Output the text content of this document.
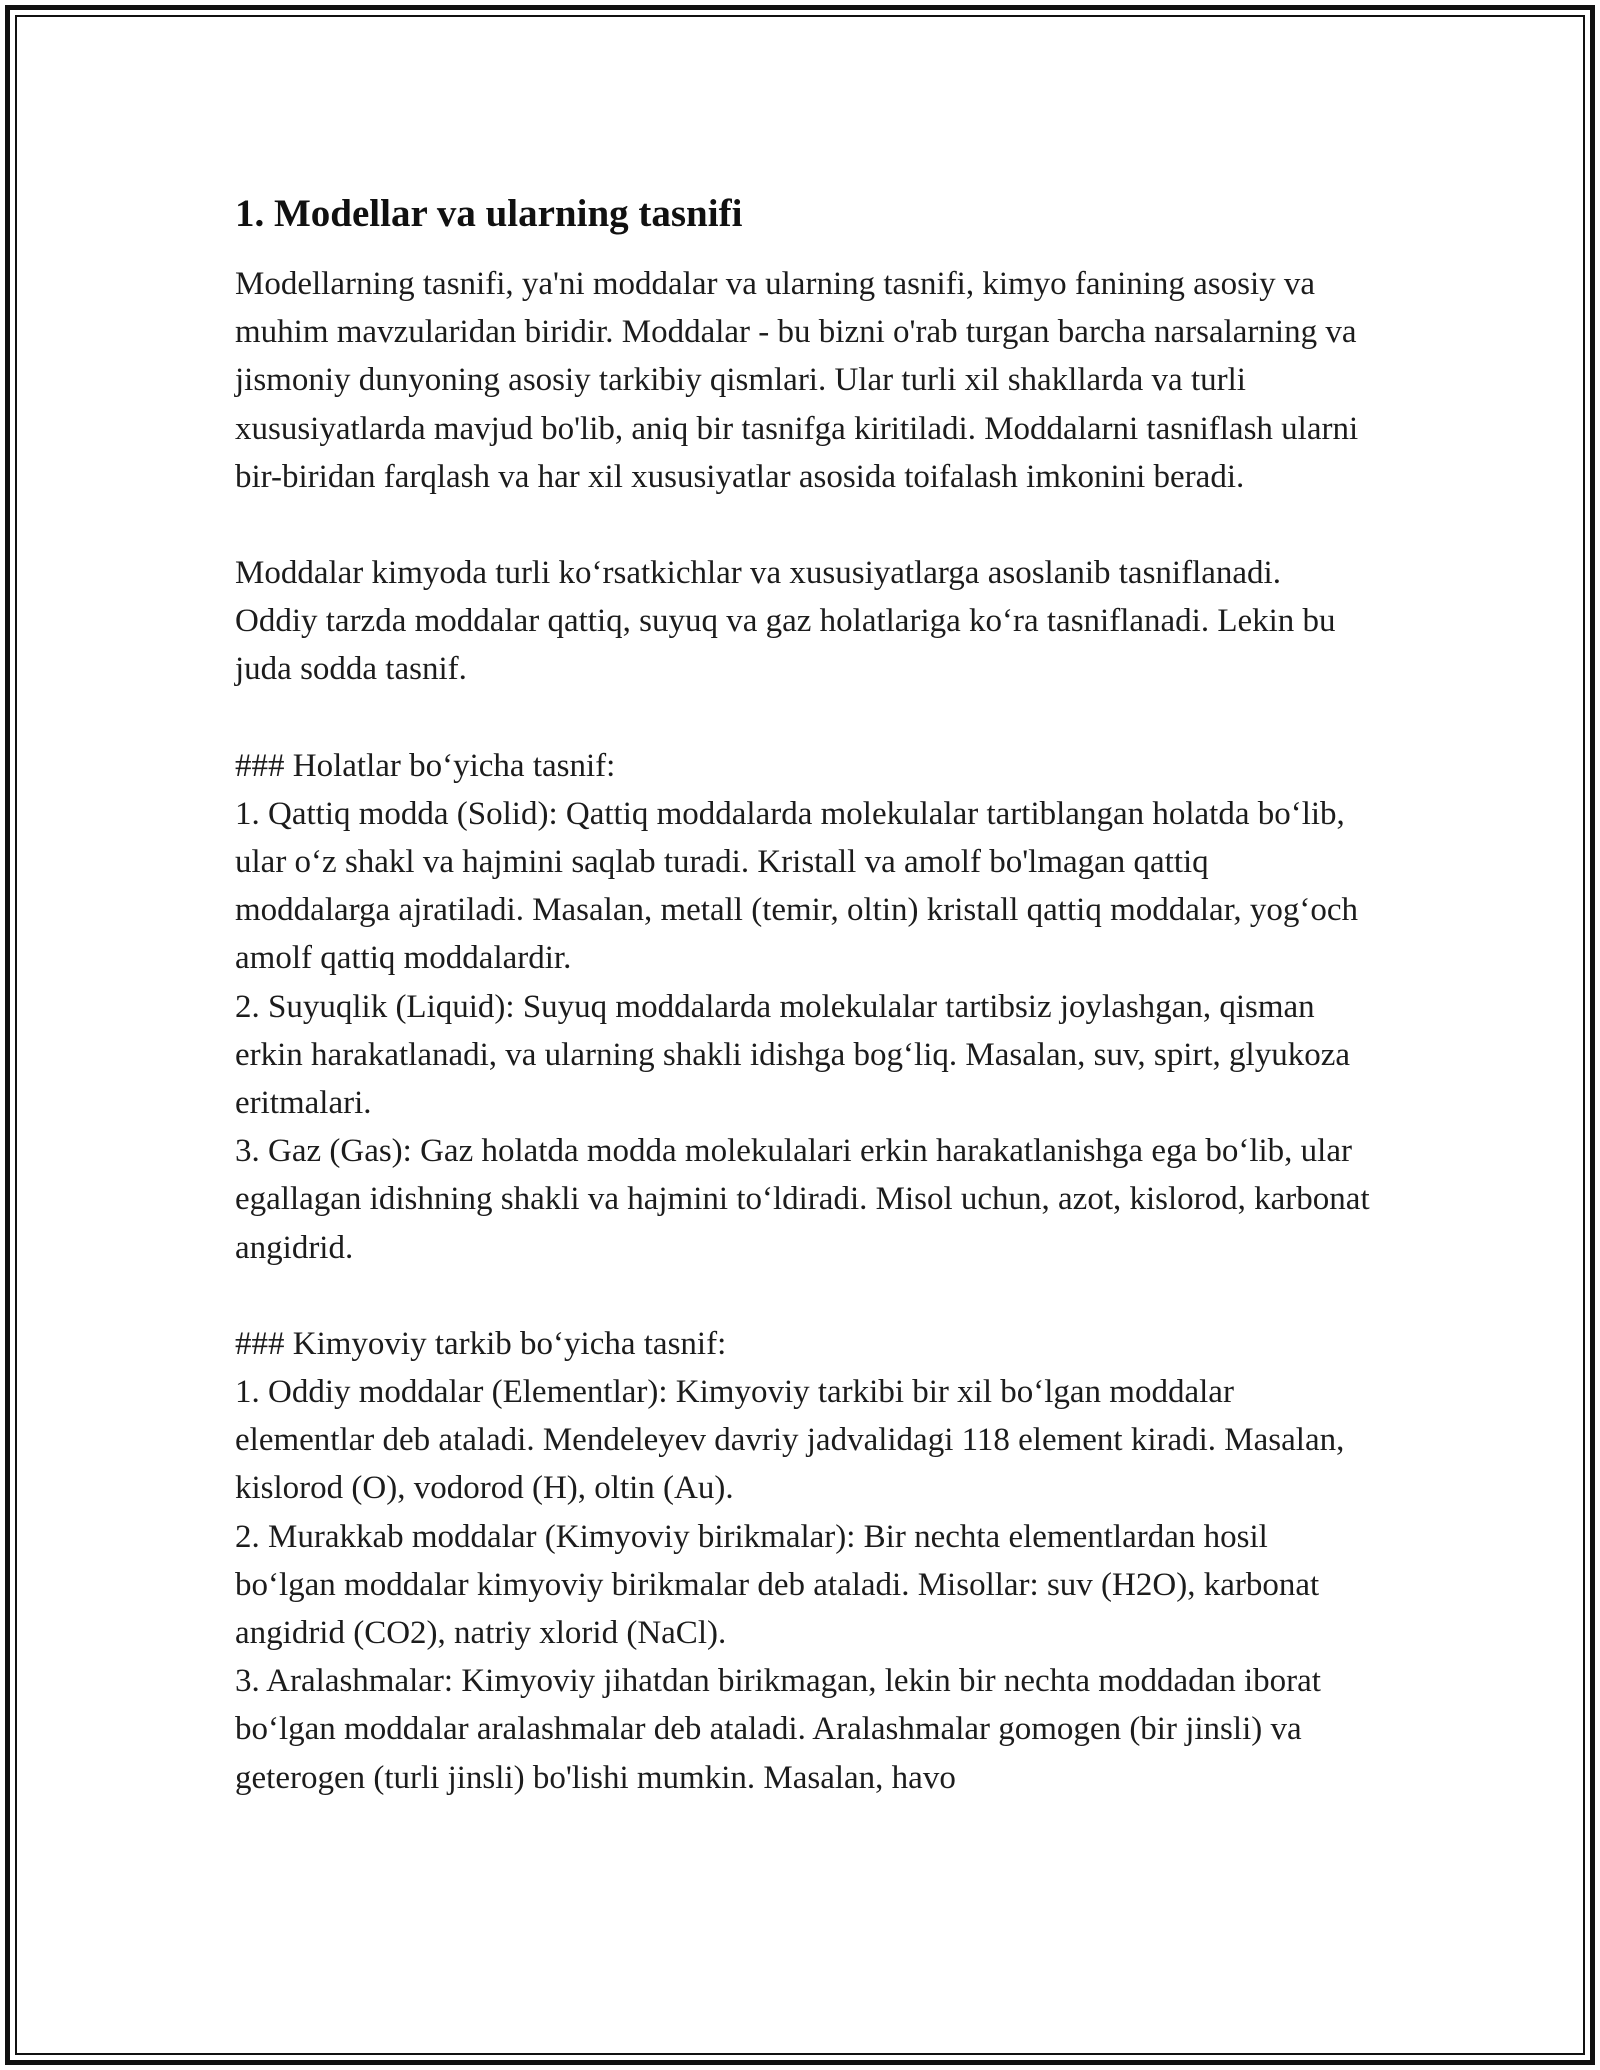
1. Modellar va ularning tasnifi

Modellarning tasnifi, ya'ni moddalar va ularning tasnifi, kimyo fanining asosiy va muhim mavzularidan biridir. Moddalar - bu bizni o'rab turgan barcha narsalarning va jismoniy dunyoning asosiy tarkibiy qismlari. Ular turli xil shakllarda va turli xususiyatlarda mavjud bo'lib, aniq bir tasnifga kiritiladi. Moddalarni tasniflash ularni bir-biridan farqlash va har xil xususiyatlar asosida toifalash imkonini beradi.

Moddalar kimyoda turli ko‘rsatkichlar va xususiyatlarga asoslanib tasniflanadi. Oddiy tarzda moddalar qattiq, suyuq va gaz holatlariga ko‘ra tasniflanadi. Lekin bu juda sodda tasnif.

### Holatlar bo‘yicha tasnif:

1. Qattiq modda (Solid): Qattiq moddalarda molekulalar tartiblangan holatda bo‘lib, ular o‘z shakl va hajmini saqlab turadi. Kristall va amolf bo'lmagan qattiq moddalarga ajratiladi. Masalan, metall (temir, oltin) kristall qattiq moddalar, yog‘och amolf qattiq moddalardir.

2. Suyuqlik (Liquid): Suyuq moddalarda molekulalar tartibsiz joylashgan, qisman erkin harakatlanadi, va ularning shakli idishga bog‘liq. Masalan, suv, spirt, glyukoza eritmalari.

3. Gaz (Gas): Gaz holatda modda molekulalari erkin harakatlanishga ega bo‘lib, ular egallagan idishning shakli va hajmini to‘ldiradi. Misol uchun, azot, kislorod, karbonat angidrid.

### Kimyoviy tarkib bo‘yicha tasnif:

1. Oddiy moddalar (Elementlar): Kimyoviy tarkibi bir xil bo‘lgan moddalar elementlar deb ataladi. Mendeleyev davriy jadvalidagi 118 element kiradi. Masalan, kislorod (O), vodorod (H), oltin (Au).

2. Murakkab moddalar (Kimyoviy birikmalar): Bir nechta elementlardan hosil bo‘lgan moddalar kimyoviy birikmalar deb ataladi. Misollar: suv (H2O), karbonat angidrid (CO2), natriy xlorid (NaCl).

3. Aralashmalar: Kimyoviy jihatdan birikmagan, lekin bir nechta moddadan iborat bo‘lgan moddalar aralashmalar deb ataladi. Aralashmalar gomogen (bir jinsli) va geterogen (turli jinsli) bo'lishi mumkin. Masalan, havo
